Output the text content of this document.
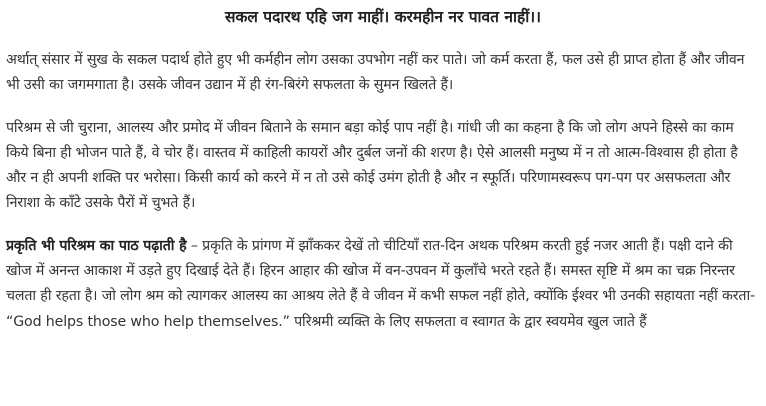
सकल पदारथ एहि जग माहीं। करमहीन नर पावत नाहीं।।

अर्थात् संसार में सुख के सकल पदार्थ होते हुए भी कर्महीन लोग उसका उपभोग नहीं कर पाते। जो कर्म करता हैं, फल उसे ही प्राप्त होता हैं और जीवन भी उसी का जगमगाता है। उसके जीवन उद्यान में ही रंग-बिरंगे सफलता के सुमन खिलते हैं।

परिश्रम से जी चुराना, आलस्य और प्रमोद में जीवन बिताने के समान बड़ा कोई पाप नहीं है। गांधी जी का कहना है कि जो लोग अपने हिस्से का काम किये बिना ही भोजन पाते हैं, वे चोर हैं। वास्तव में काहिली कायरों और दुर्बल जनों की शरण है। ऐसे आलसी मनुष्य में न तो आत्म-विश्वास ही होता है और न ही अपनी शक्ति पर भरोसा। किसी कार्य को करने में न तो उसे कोई उमंग होती है और न स्फूर्ति। परिणामस्वरूप पग-पग पर असफलता और निराशा के काँटे उसके पैरों में चुभते हैं।

प्रकृति भी परिश्रम का पाठ पढ़ाती है – प्रकृति के प्रांगण में झाँककर देखें तो चीटियाँ रात-दिन अथक परिश्रम करती हुई नजर आती हैं। पक्षी दाने की खोज में अनन्त आकाश में उड़ते हुए दिखाई देते हैं। हिरन आहार की खोज में वन-उपवन में कुलाँचे भरते रहते हैं। समस्त सृष्टि में श्रम का चक्र निरन्तर चलता ही रहता है। जो लोग श्रम को त्यागकर आलस्य का आश्रय लेते हैं वे जीवन में कभी सफल नहीं होते, क्योंकि ईश्वर भी उनकी सहायता नहीं करता- “God helps those who help themselves.” परिश्रमी व्यक्ति के लिए सफलता व स्वागत के द्वार स्वयमेव खुल जाते हैं
